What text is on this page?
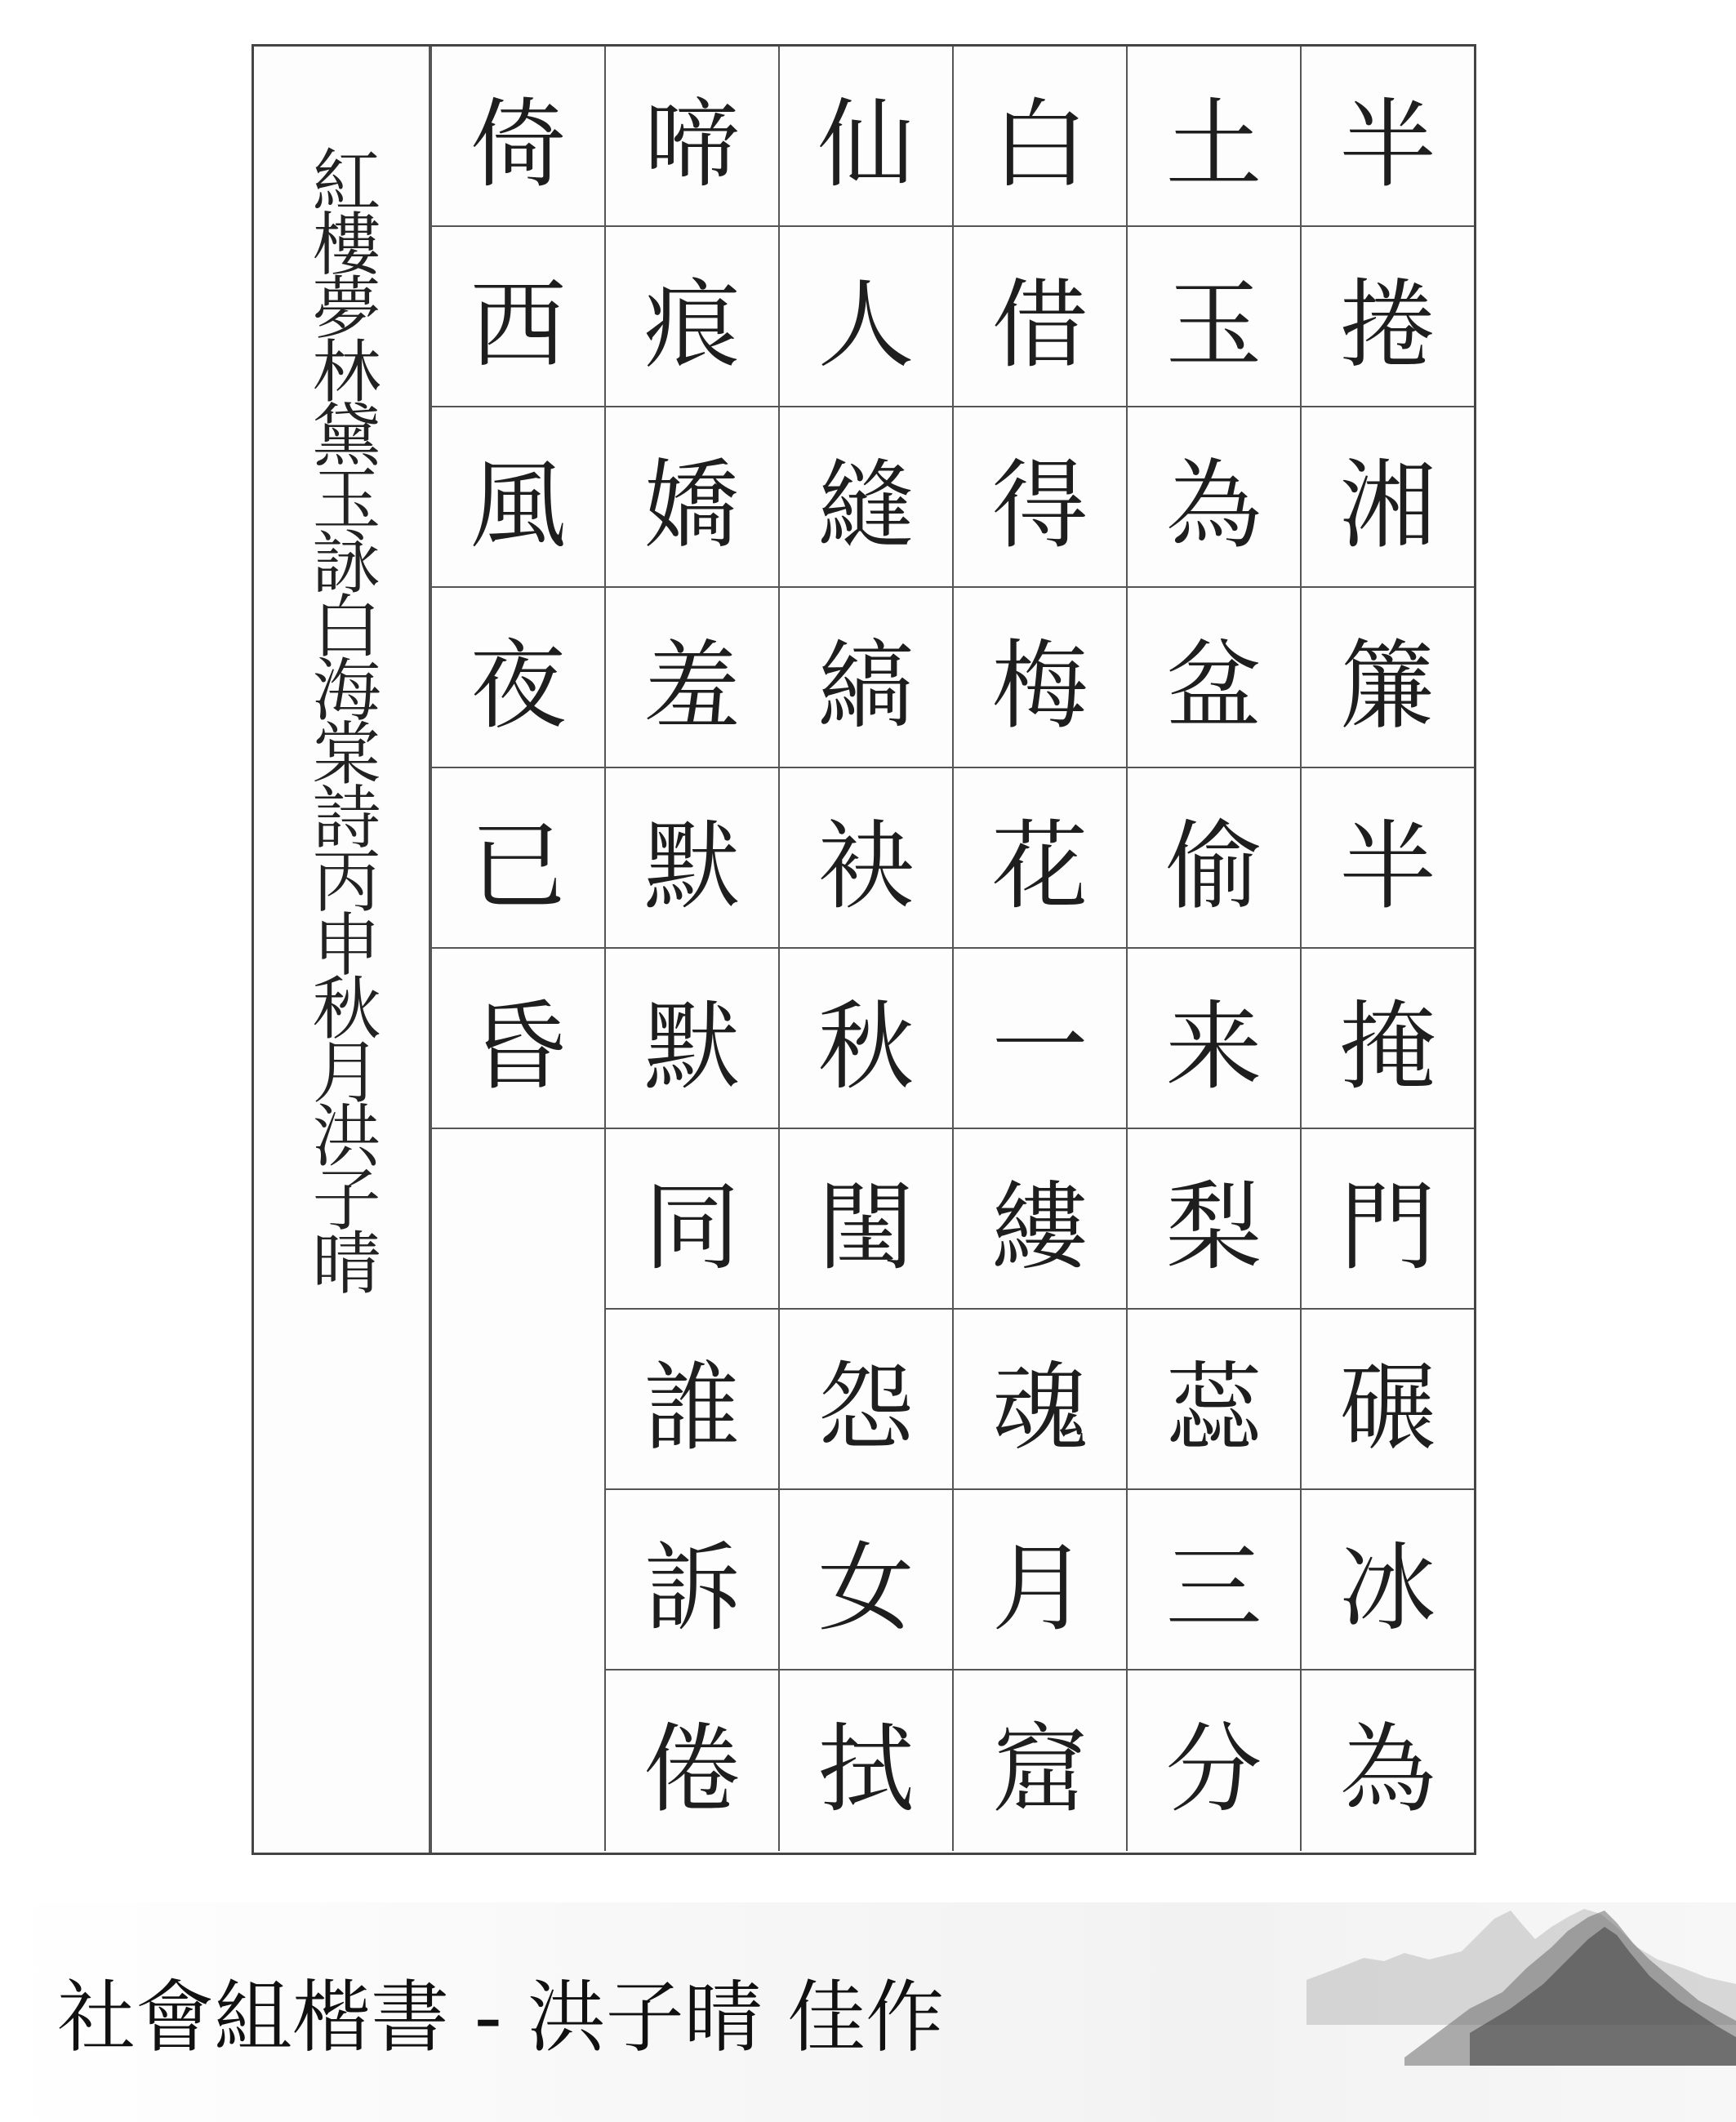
紅樓夢林黛玉詠白海棠詩丙申秋月洪子晴
倚
西
風
夜
已
昏
啼
痕
嬌
羞
默
默
同
誰
訴
倦
仙
人
縫
縞
袂
秋
閨
怨
女
拭
白
借
得
梅
花
一
縷
魂
月
窟
土
玉
為
盆
偷
来
梨
蕊
三
分
半
捲
湘
簾
半
掩
門
碾
冰
為
社會組楷書 - 洪子晴 佳作
